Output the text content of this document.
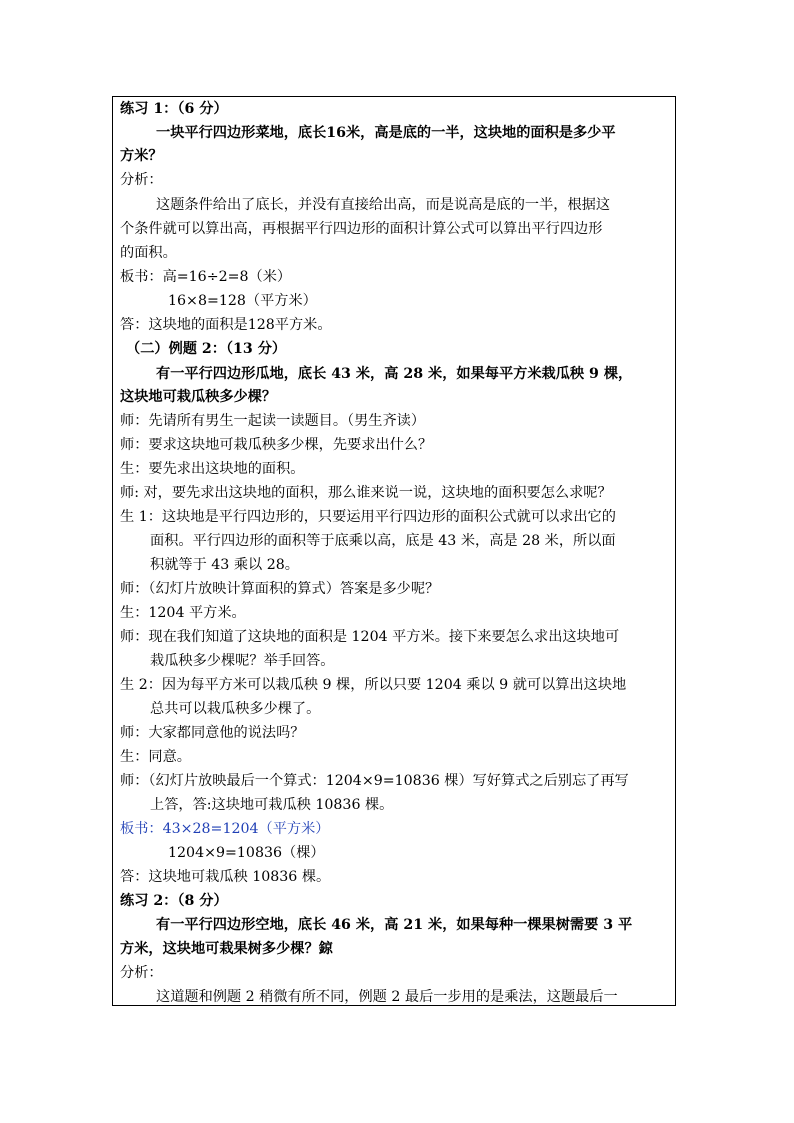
练习 1：（6 分）
一块平行四边形菜地，底长16米，高是底的一半，这块地的面积是多少平
方米？
分析：
这题条件给出了底长，并没有直接给出高，而是说高是底的一半，根据这
个条件就可以算出高，再根据平行四边形的面积计算公式可以算出平行四边形
的面积。
板书：高=16÷2=8（米）
16×8=128（平方米）
答：这块地的面积是128平方米。
（二）例题 2：（13 分）
有一平行四边形瓜地，底长 43 米，高 28 米，如果每平方米栽瓜秧 9 棵，
这块地可栽瓜秧多少棵？
师：先请所有男生一起读一读题目。（男生齐读）
师：要求这块地可栽瓜秧多少棵，先要求出什么？
生：要先求出这块地的面积。
师: 对，要先求出这块地的面积，那么谁来说一说，这块地的面积要怎么求呢？
生 1：这块地是平行四边形的，只要运用平行四边形的面积公式就可以求出它的
面积。平行四边形的面积等于底乘以高，底是 43 米，高是 28 米，所以面
积就等于 43 乘以 28。
师：（幻灯片放映计算面积的算式）答案是多少呢？
生：1204 平方米。
师：现在我们知道了这块地的面积是 1204 平方米。接下来要怎么求出这块地可
栽瓜秧多少棵呢？举手回答。
生 2：因为每平方米可以栽瓜秧 9 棵，所以只要 1204 乘以 9 就可以算出这块地
总共可以栽瓜秧多少棵了。
师：大家都同意他的说法吗？
生：同意。
师：（幻灯片放映最后一个算式：1204×9=10836 棵）写好算式之后别忘了再写
上答，答:这块地可栽瓜秧 10836 棵。
板书：43×28=1204（平方米）
1204×9=10836（棵）
答：这块地可栽瓜秧 10836 棵。
练习 2：（8 分）
有一平行四边形空地，底长 46 米，高 21 米，如果每种一棵果树需要 3 平
方米，这块地可栽果树多少棵？鍄
分析：
这道题和例题 2 稍微有所不同，例题 2 最后一步用的是乘法，这题最后一
